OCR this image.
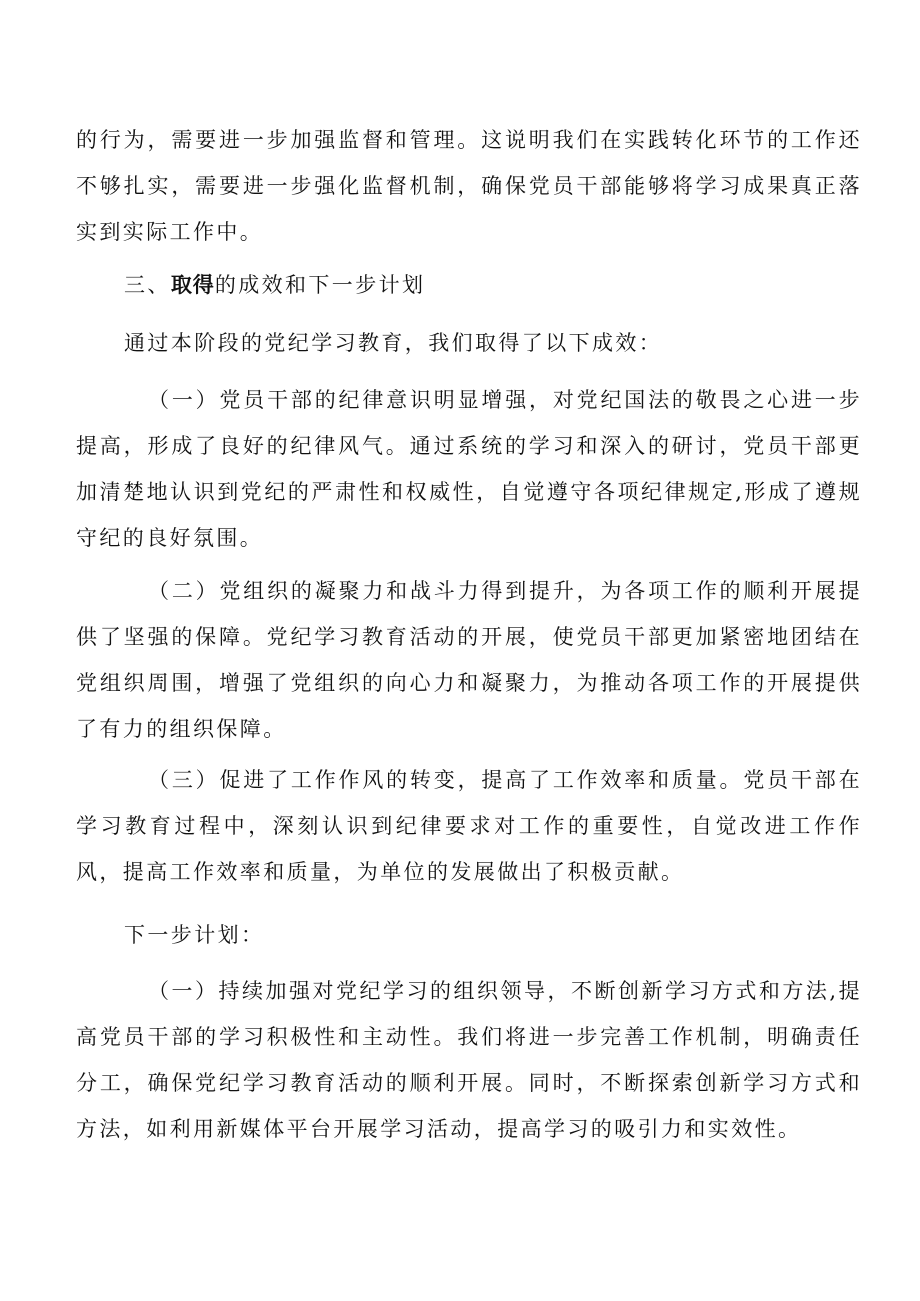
的行为，需要进一步加强监督和管理。这说明我们在实践转化环节的工作还不够扎实，需要进一步强化监督机制，确保党员干部能够将学习成果真正落实到实际工作中。

三、取得的成效和下一步计划

通过本阶段的党纪学习教育，我们取得了以下成效：

（一）党员干部的纪律意识明显增强，对党纪国法的敬畏之心进一步提高，形成了良好的纪律风气。通过系统的学习和深入的研讨，党员干部更加清楚地认识到党纪的严肃性和权威性，自觉遵守各项纪律规定,形成了遵规守纪的良好氛围。

（二）党组织的凝聚力和战斗力得到提升，为各项工作的顺利开展提供了坚强的保障。党纪学习教育活动的开展，使党员干部更加紧密地团结在党组织周围，增强了党组织的向心力和凝聚力，为推动各项工作的开展提供了有力的组织保障。

（三）促进了工作作风的转变，提高了工作效率和质量。党员干部在学习教育过程中，深刻认识到纪律要求对工作的重要性，自觉改进工作作风，提高工作效率和质量，为单位的发展做出了积极贡献。

下一步计划：

（一）持续加强对党纪学习的组织领导，不断创新学习方式和方法,提高党员干部的学习积极性和主动性。我们将进一步完善工作机制，明确责任分工，确保党纪学习教育活动的顺利开展。同时，不断探索创新学习方式和方法，如利用新媒体平台开展学习活动，提高学习的吸引力和实效性。
